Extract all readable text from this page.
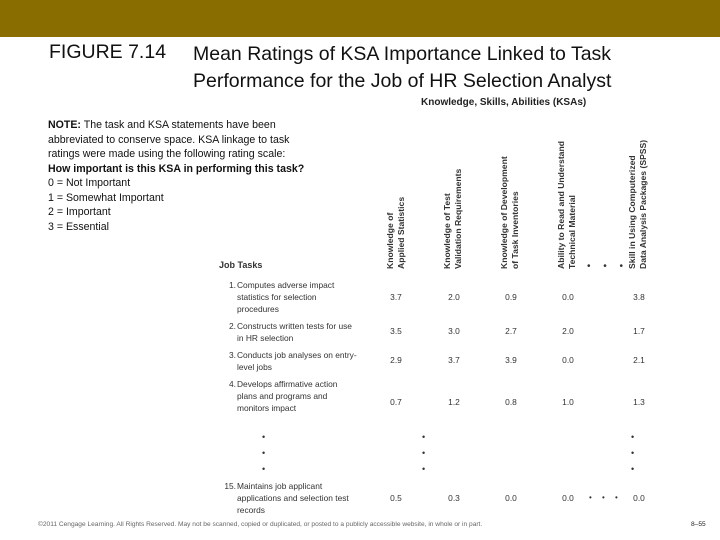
FIGURE 7.14 Mean Ratings of KSA Importance Linked to Task Performance for the Job of HR Selection Analyst
Knowledge, Skills, Abilities (KSAs)
NOTE: The task and KSA statements have been
abbreviated to conserve space. KSA linkage to task
ratings were made using the following rating scale:
How important is this KSA in performing this task?
0 = Not Important
1 = Somewhat Important
2 = Important
3 = Essential	Knowledge of Applied Statistics	Knowledge of Test Validation Requirements	Knowledge of Development of Task Inventories	Ability to Read and Understand Technical Material	Skill in Using Computerized Data Analysis Packages (SPSS)
• • •
Job Tasks
1. Computes adverse impact statistics for selection procedures
3.7	2.0	0.9	0.0	3.8
2. Constructs written tests for use in HR selection
3.5	3.0	2.7	2.0	1.7
3. Conducts job analyses on entry-level jobs
2.9	3.7	3.9	0.0	2.1
4. Develops affirmative action plans and programs and monitors impact
0.7	1.2	0.8	1.0	1.3
•
•
•
•
•
•
•
•
•
15. Maintains job applicant applications and selection test records
0.5	0.3	0.0	0.0	• • •	0.0
©2011 Cengage Learning. All Rights Reserved. May not be scanned, copied or duplicated, or posted to a publicly accessible website, in whole or in part.	8–55
